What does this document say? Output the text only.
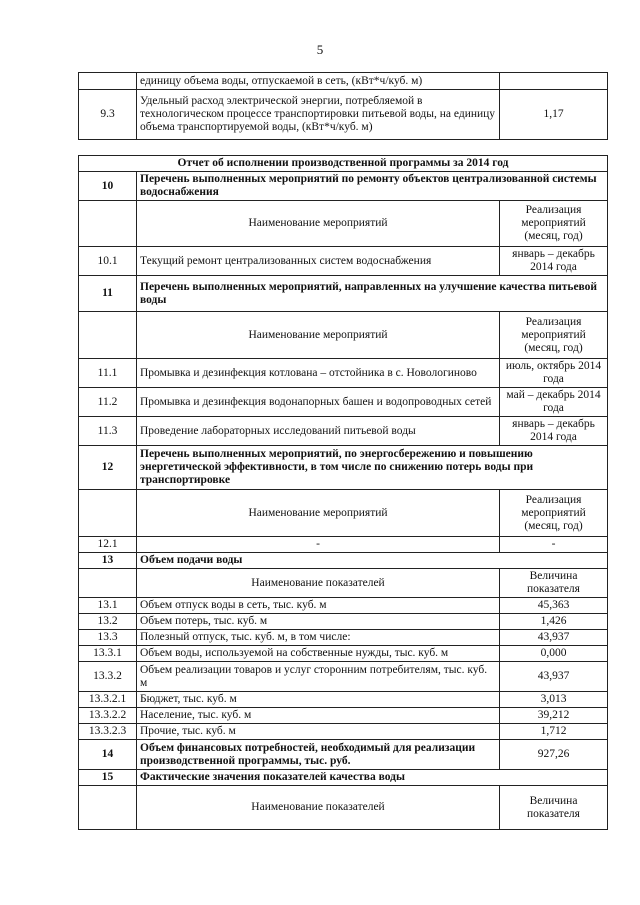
5
	единицу объема воды, отпускаемой в сеть, (кВт*ч/куб. м)	
9.3	Удельный расход электрической энергии, потребляемой в технологическом процессе транспортировки питьевой воды, на единицу объема транспортируемой воды, (кВт*ч/куб. м)	1,17

Отчет об исполнении производственной программы за 2014 год		
10	Перечень выполненных мероприятий по ремонту объектов централизованной системы водоснабжения	
	Наименование мероприятий	Реализация мероприятий (месяц, год)
10.1	Текущий ремонт централизованных систем водоснабжения	январь – декабрь 2014 года
11	Перечень выполненных мероприятий, направленных на улучшение качества питьевой воды	
	Наименование мероприятий	Реализация мероприятий (месяц, год)
11.1	Промывка и дезинфекция котлована – отстойника в с. Новологиново	июль, октябрь 2014 года
11.2	Промывка и дезинфекция водонапорных башен и водопроводных сетей	май – декабрь 2014 года
11.3	Проведение лабораторных исследований питьевой воды	январь – декабрь 2014 года
12	Перечень выполненных мероприятий, по энергосбережению и повышению энергетической эффективности, в том числе по снижению потерь воды при транспортировке	
	Наименование мероприятий	Реализация мероприятий (месяц, год)
12.1	-	-
13	Объем подачи воды	
	Наименование показателей	Величина показателя
13.1	Объем отпуск воды в сеть, тыс. куб. м	45,363
13.2	Объем потерь, тыс. куб. м	1,426
13.3	Полезный отпуск, тыс. куб. м, в том числе:	43,937
13.3.1	Объем воды, используемой на собственные нужды, тыс. куб. м	0,000
13.3.2	Объем реализации товаров и услуг сторонним потребителям, тыс. куб. м	43,937
13.3.2.1	Бюджет, тыс. куб. м	3,013
13.3.2.2	Население, тыс. куб. м	39,212
13.3.2.3	Прочие, тыс. куб. м	1,712
14	Объем финансовых потребностей, необходимый для реализации производственной программы, тыс. руб.	927,26
15	Фактические значения показателей качества воды	
	Наименование показателей	Величина показателя
